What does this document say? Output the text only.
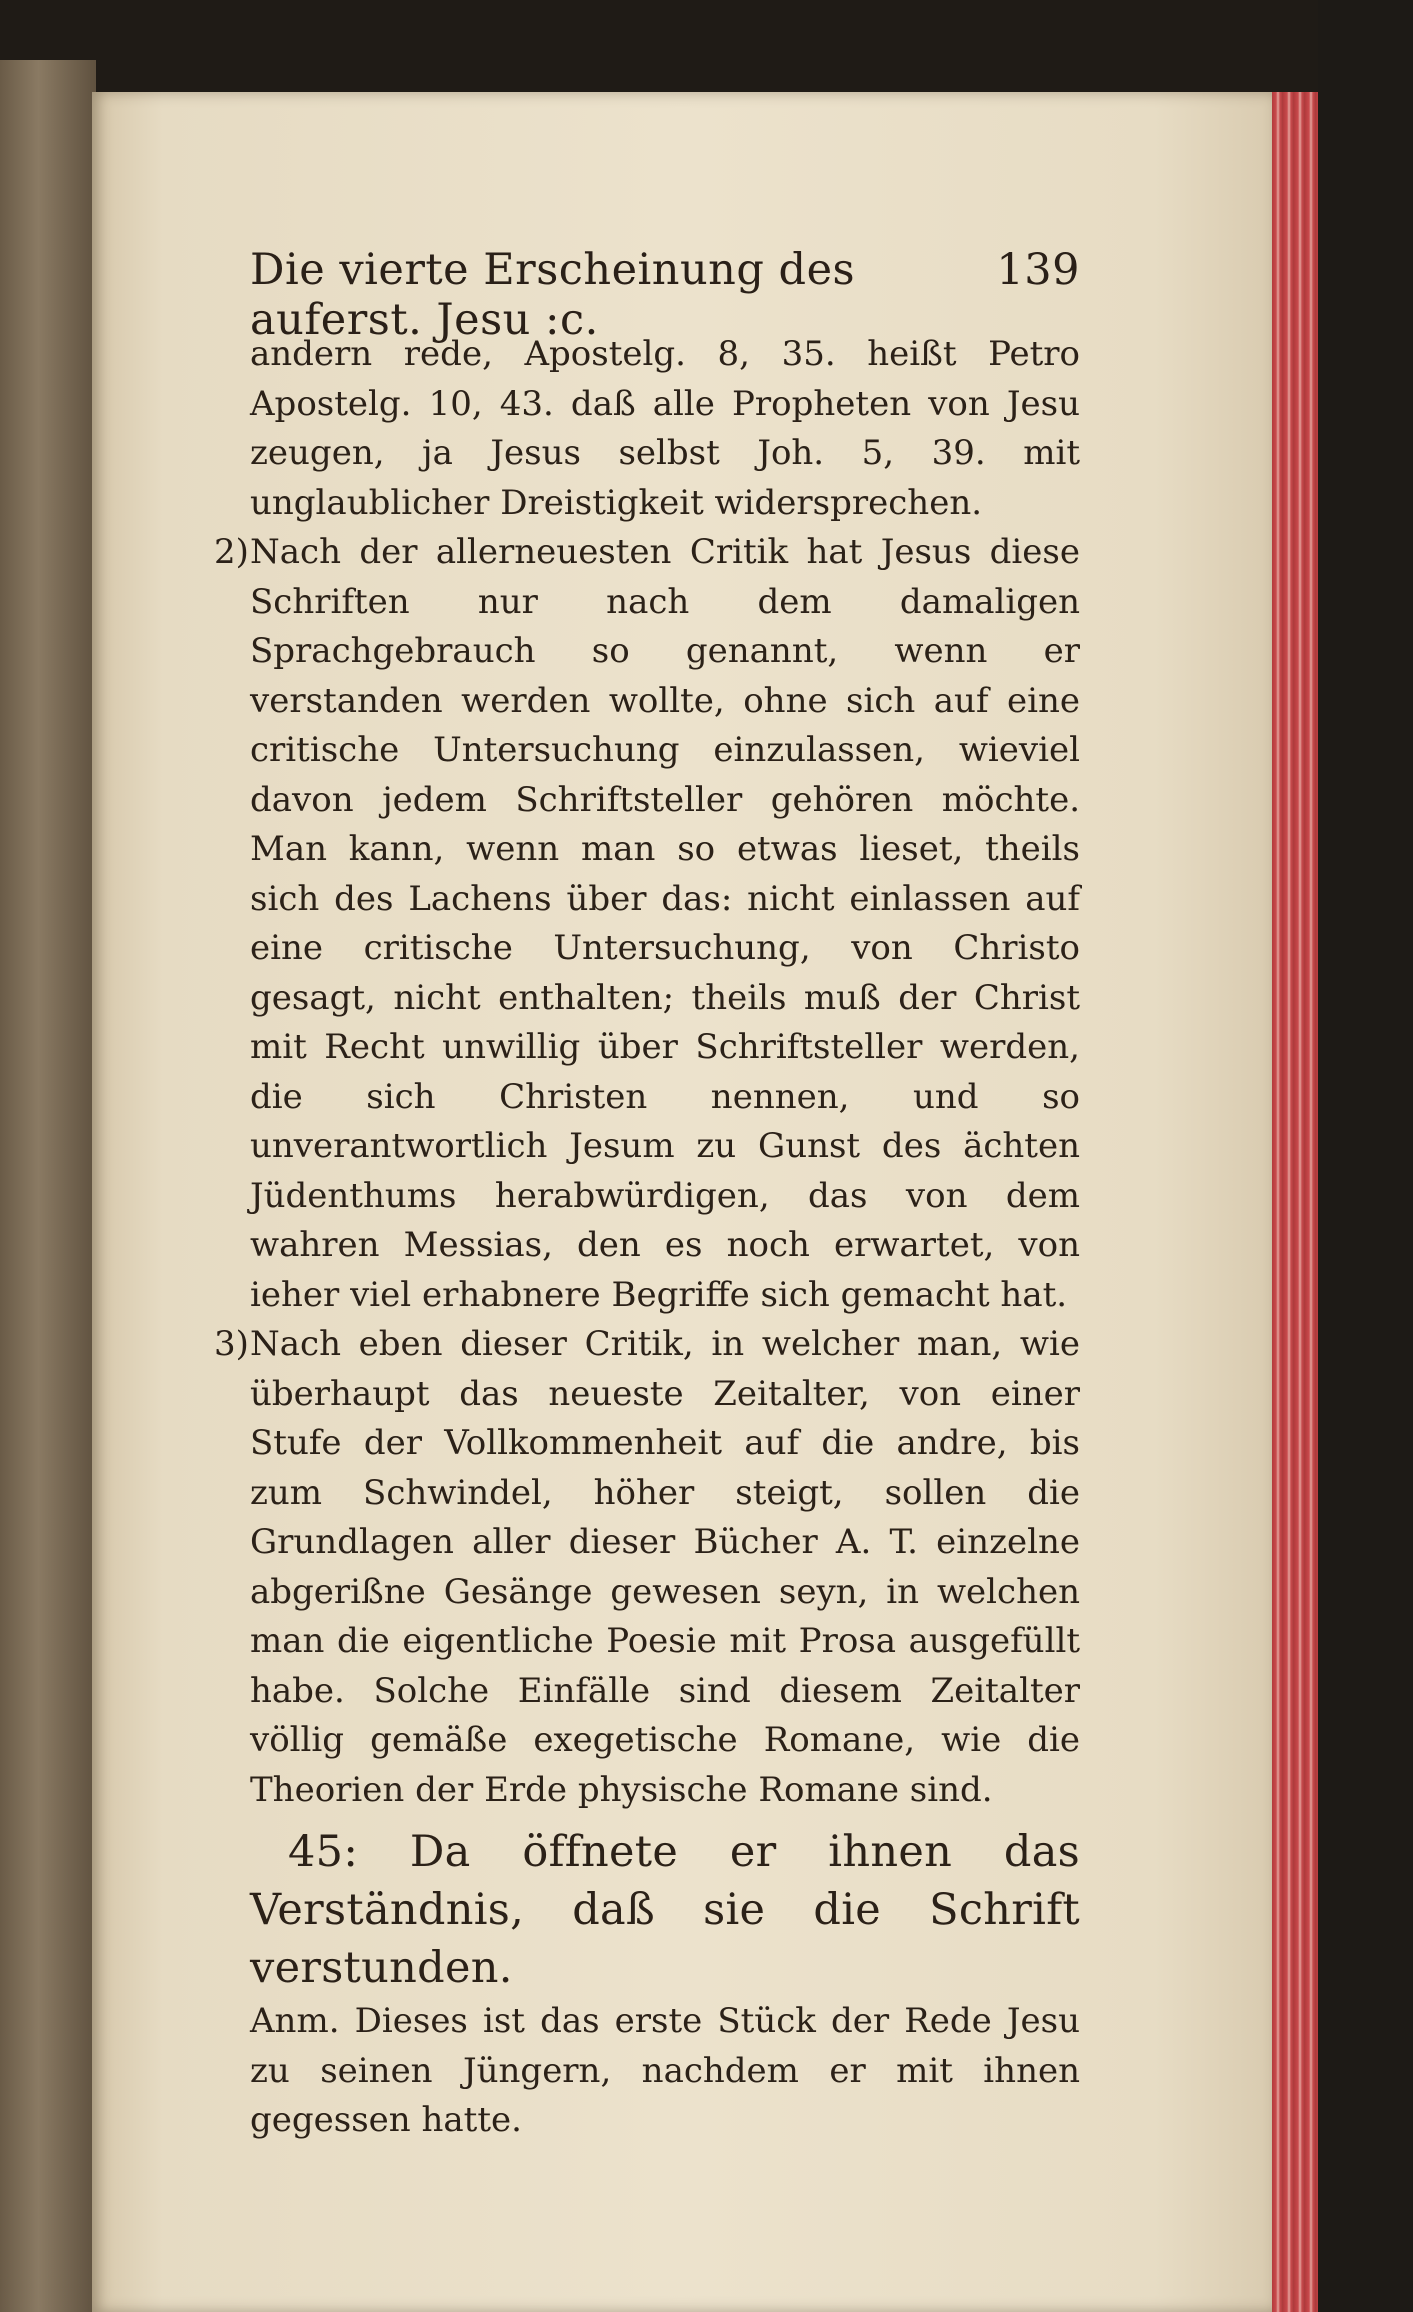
Die vierte Erscheinung des auferst. Jesu :c.
139

andern rede, Apostelg. 8, 35. heißt Petro Apostelg. 10, 43. daß alle Propheten von Jesu zeugen, ja Jesus selbst Joh. 5, 39. mit unglaublicher Dreistigkeit widersprechen.

2) Nach der allerneuesten Critik hat Jesus diese Schriften nur nach dem damaligen Sprachgebrauch so genannt, wenn er verstanden werden wollte, ohne sich auf eine critische Untersuchung einzulassen, wieviel davon jedem Schriftsteller gehören möchte. Man kann, wenn man so etwas lieset, theils sich des Lachens über das: nicht einlassen auf eine critische Untersuchung, von Christo gesagt, nicht enthalten; theils muß der Christ mit Recht unwillig über Schriftsteller werden, die sich Christen nennen, und so unverantwortlich Jesum zu Gunst des ächten Jüdenthums herabwürdigen, das von dem wahren Messias, den es noch erwartet, von ieher viel erhabnere Begriffe sich gemacht hat.

3) Nach eben dieser Critik, in welcher man, wie überhaupt das neueste Zeitalter, von einer Stufe der Vollkommenheit auf die andre, bis zum Schwindel, höher steigt, sollen die Grundlagen aller dieser Bücher A. T. einzelne abgerißne Gesänge gewesen seyn, in welchen man die eigentliche Poesie mit Prosa ausgefüllt habe. Solche Einfälle sind diesem Zeitalter völlig gemäße exegetische Romane, wie die Theorien der Erde physische Romane sind.

45: Da öffnete er ihnen das Verständnis, daß sie die Schrift verstunden.

Anm. Dieses ist das erste Stück der Rede Jesu zu seinen Jüngern, nachdem er mit ihnen gegessen hatte.
